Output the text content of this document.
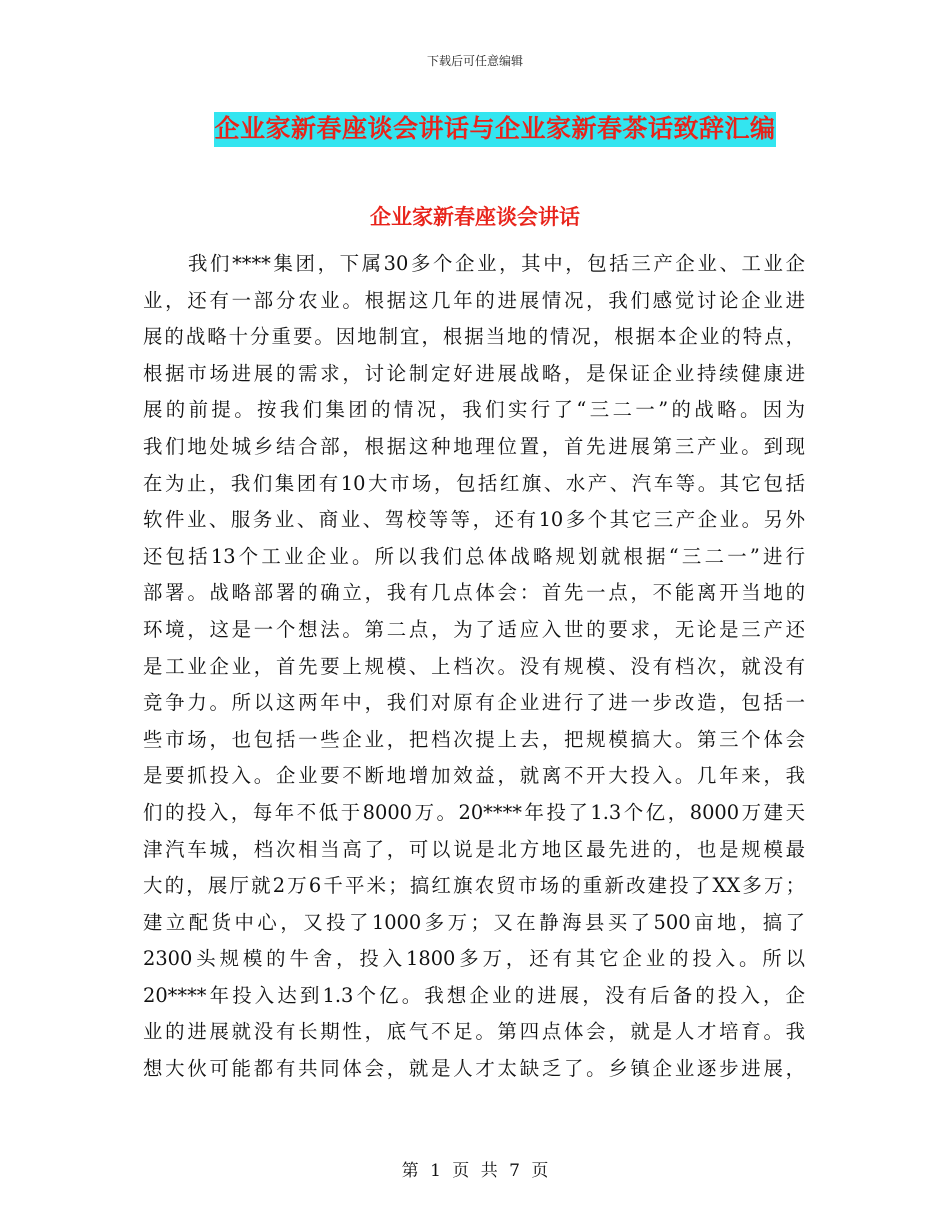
下载后可任意编辑
企业家新春座谈会讲话与企业家新春茶话致辞汇编
企业家新春座谈会讲话
我们****集团，下属30多个企业，其中，包括三产企业、工业企
业，还有一部分农业。根据这几年的进展情况，我们感觉讨论企业进
展的战略十分重要。因地制宜，根据当地的情况，根据本企业的特点，
根据市场进展的需求，讨论制定好进展战略，是保证企业持续健康进
展的前提。按我们集团的情况，我们实行了“三二一”的战略。因为
我们地处城乡结合部，根据这种地理位置，首先进展第三产业。到现
在为止，我们集团有10大市场，包括红旗、水产、汽车等。其它包括
软件业、服务业、商业、驾校等等，还有10多个其它三产企业。另外
还包括13个工业企业。所以我们总体战略规划就根据“三二一”进行
部署。战略部署的确立，我有几点体会：首先一点，不能离开当地的
环境，这是一个想法。第二点，为了适应入世的要求，无论是三产还
是工业企业，首先要上规模、上档次。没有规模、没有档次，就没有
竞争力。所以这两年中，我们对原有企业进行了进一步改造，包括一
些市场，也包括一些企业，把档次提上去，把规模搞大。第三个体会
是要抓投入。企业要不断地增加效益，就离不开大投入。几年来，我
们的投入，每年不低于8000万。20****年投了1.3个亿，8000万建天
津汽车城，档次相当高了，可以说是北方地区最先进的，也是规模最
大的，展厅就2万6千平米；搞红旗农贸市场的重新改建投了XX多万；
建立配货中心，又投了1000多万；又在静海县买了500亩地，搞了
2300头规模的牛舍，投入1800多万，还有其它企业的投入。所以
20****年投入达到1.3个亿。我想企业的进展，没有后备的投入，企
业的进展就没有长期性，底气不足。第四点体会，就是人才培育。我
想大伙可能都有共同体会，就是人才太缺乏了。乡镇企业逐步进展，
第 1 页 共 7 页
